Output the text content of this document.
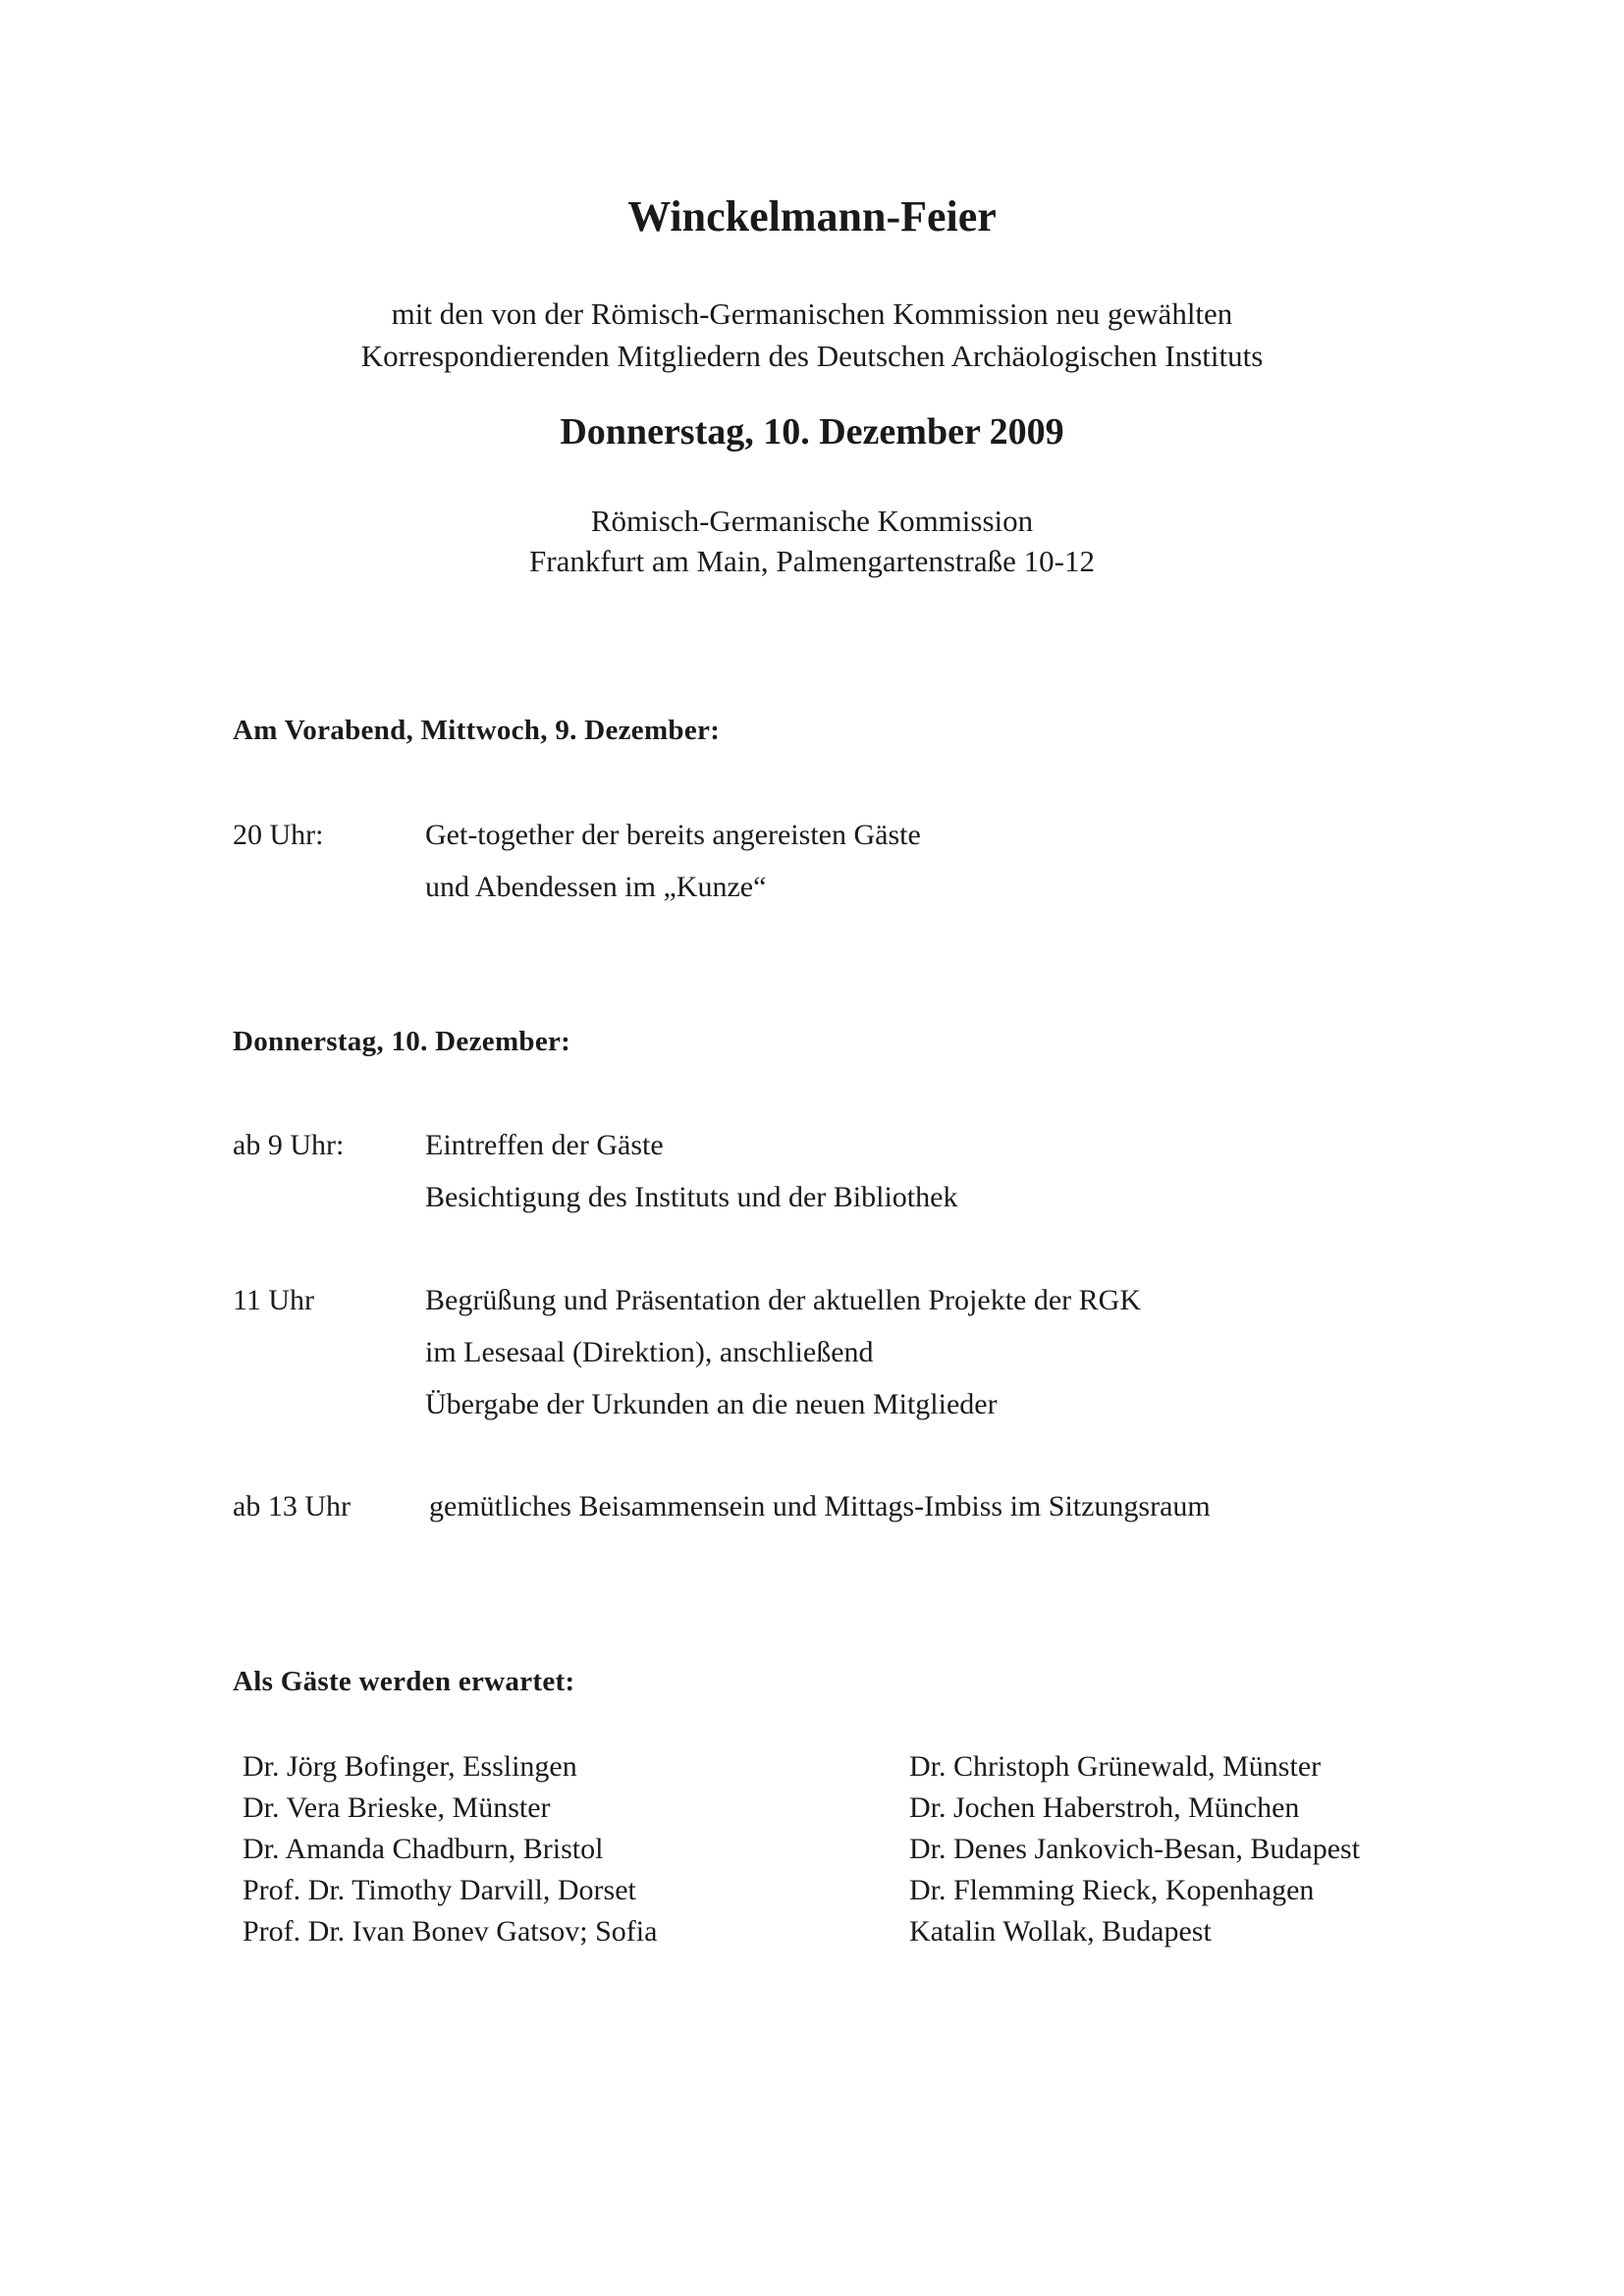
Winckelmann-Feier
mit den von der Römisch-Germanischen Kommission neu gewählten
Korrespondierenden Mitgliedern des Deutschen Archäologischen Instituts
Donnerstag, 10. Dezember 2009
Römisch-Germanische Kommission
Frankfurt am Main, Palmengartenstraße 10-12
Am Vorabend, Mittwoch, 9. Dezember:
20 Uhr:	Get-together der bereits angereisten Gäste
und Abendessen im „Kunze“
Donnerstag, 10. Dezember:
ab 9 Uhr:	Eintreffen der Gäste
Besichtigung des Instituts und der Bibliothek
11 Uhr	Begrüßung und Präsentation der aktuellen Projekte der RGK
im Lesesaal (Direktion), anschließend
Übergabe der Urkunden an die neuen Mitglieder
ab 13 Uhr	gemütliches Beisammensein und Mittags-Imbiss im Sitzungsraum
Als Gäste werden erwartet:
Dr. Jörg Bofinger, Esslingen
Dr. Vera Brieske, Münster
Dr. Amanda Chadburn, Bristol
Prof. Dr. Timothy Darvill, Dorset
Prof. Dr. Ivan Bonev Gatsov; Sofia
Dr. Christoph Grünewald, Münster
Dr. Jochen Haberstroh, München
Dr. Denes Jankovich-Besan, Budapest
Dr. Flemming Rieck, Kopenhagen
Katalin Wollak, Budapest
